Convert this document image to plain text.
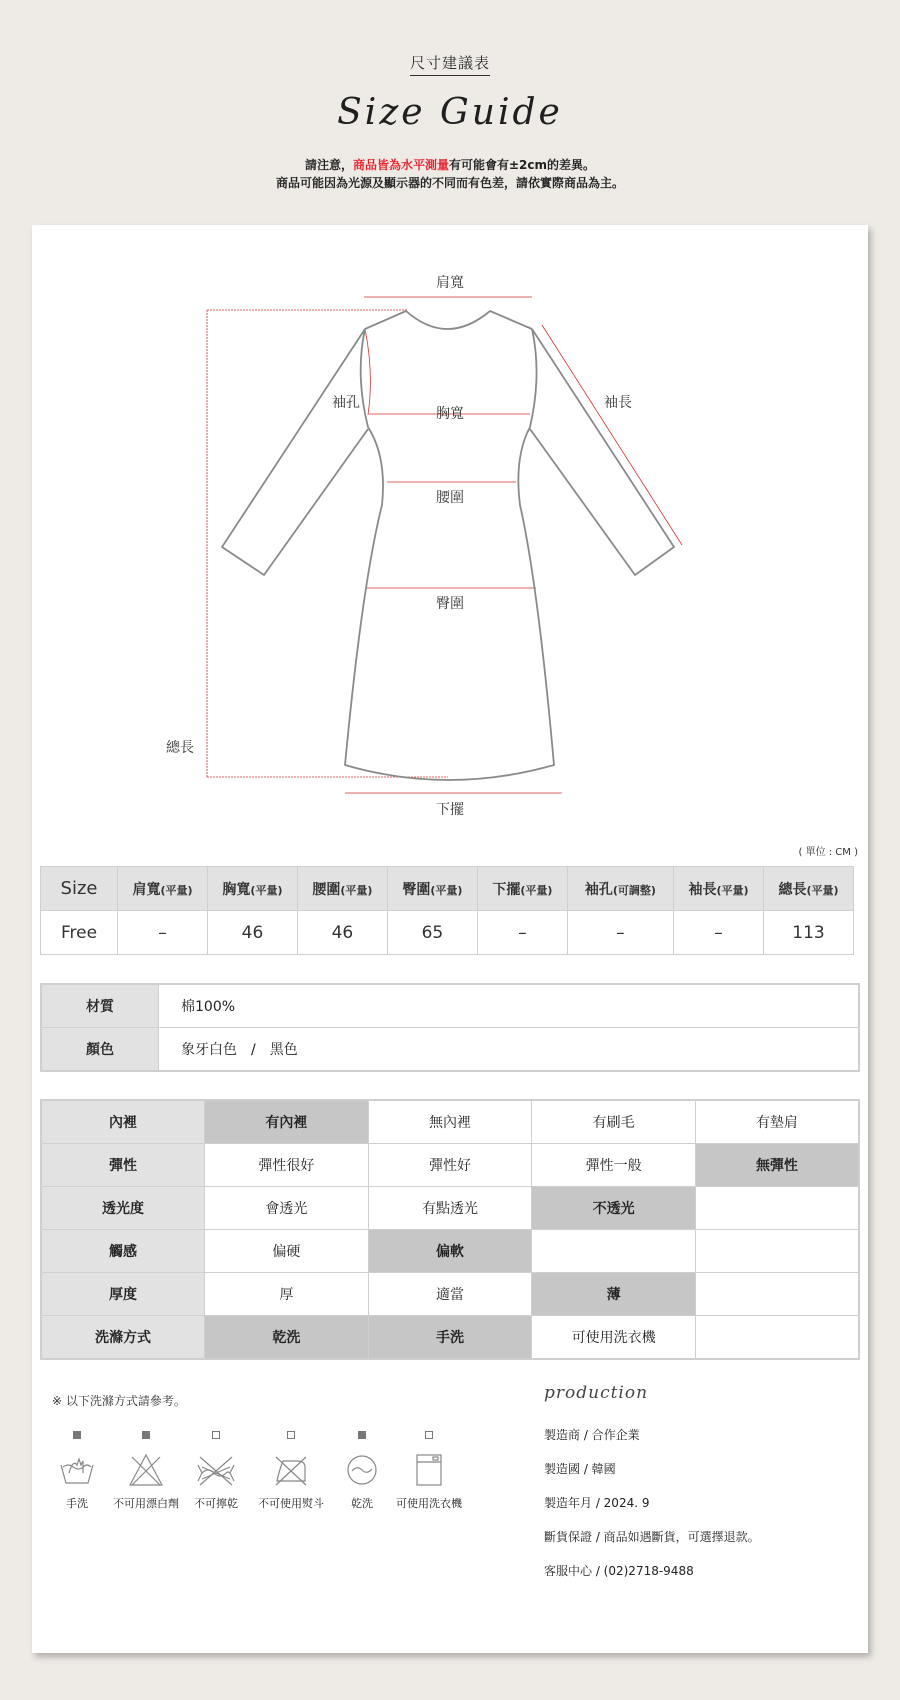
尺寸建議表
Size Guide
請注意，商品皆為水平測量有可能會有±2cm的差異。
商品可能因為光源及顯示器的不同而有色差，請依實際商品為主。
肩寬
袖孔
胸寬
袖長
腰圍
臀圍
總長
下擺
( 單位 : CM )
Size	肩寬(平量)	胸寬(平量)	腰圍(平量)	臀圍(平量)	下擺(平量)	袖孔(可調整)	袖長(平量)	總長(平量)
Free	–	46	46	65	–	–	–	113
材質	棉100%
顏色	象牙白色　/　黑色
內裡	有內裡	無內裡	有刷毛	有墊肩
彈性	彈性很好	彈性好	彈性一般	無彈性
透光度	會透光	有點透光	不透光	
觸感	偏硬	偏軟		
厚度	厚	適當	薄	
洗滌方式	乾洗	手洗	可使用洗衣機	
※ 以下洗滌方式請參考。
手洗	不可用漂白劑	不可擰乾	不可使用熨斗	乾洗	可使用洗衣機
production
製造商 / 合作企業
製造國 / 韓國
製造年月 / 2024. 9
斷貨保證 / 商品如遇斷貨，可選擇退款。
客服中心 / (02)2718-9488
